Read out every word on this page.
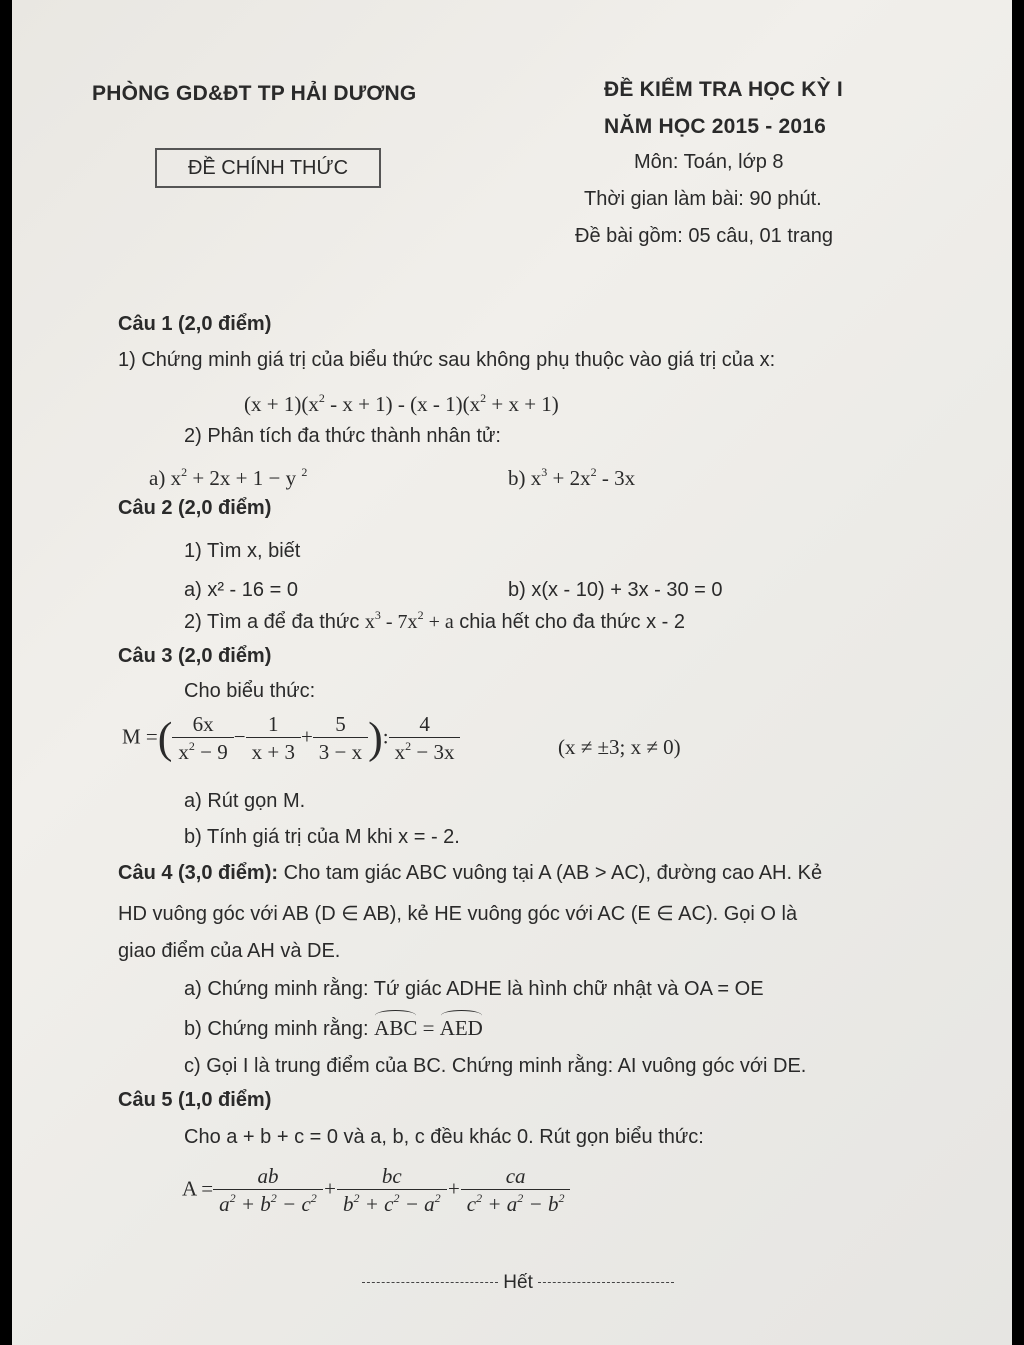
PHÒNG GD&ĐT TP HẢI DƯƠNG
ĐỀ CHÍNH THỨC
ĐỀ KIỂM TRA HỌC KỲ I
NĂM HỌC 2015 - 2016
Môn: Toán, lớp 8
Thời gian làm bài: 90 phút.
Đề bài gồm: 05 câu, 01 trang
Câu 1 (2,0 điểm)
1) Chứng minh giá trị của biểu thức sau không phụ thuộc vào giá trị của x:
$(x + 1)(x^2 - x + 1) - (x - 1)(x^2 + x + 1)$
2) Phân tích đa thức thành nhân tử:
a) $x^2 + 2x + 1 - y$ $^2$	b) $x^3 + 2x^2 - 3x$
Câu 2 (2,0 điểm)
1) Tìm x, biết
a) x² - 16 = 0	b) x(x - 10) + 3x - 30 = 0
2) Tìm a để đa thức $x^3 - 7x^2 + a$ chia hết cho đa thức x - 2
Câu 3 (2,0 điểm)
Cho biểu thức:
M =( $\frac{6x}{x^2 - 9} - \frac{1}{x + 3} + \frac{5}{3 - x}$ ): $\frac{4}{x^2 - 3x}$	(x ≠ ±3; x ≠ 0)
a) Rút gọn M.
b) Tính giá trị của M khi x = - 2.
Câu 4 (3,0 điểm): Cho tam giác ABC vuông tại A (AB > AC), đường cao AH. Kẻ
HD vuông góc với AB (D ∈ AB), kẻ HE vuông góc với AC (E ∈ AC). Gọi O là
giao điểm của AH và DE.
a) Chứng minh rằng: Tứ giác ADHE là hình chữ nhật và OA = OE
b) Chứng minh rằng: ABC = AED
c) Gọi I là trung điểm của BC. Chứng minh rằng: AI vuông góc với DE.
Câu 5 (1,0 điểm)
Cho a + b + c = 0 và a, b, c đều khác 0. Rút gọn biểu thức:
$A = \frac{ab}{a^2 + b^2 - c^2} + \frac{bc}{b^2 + c^2 - a^2} + \frac{ca}{c^2 + a^2 - b^2}$
Hết
